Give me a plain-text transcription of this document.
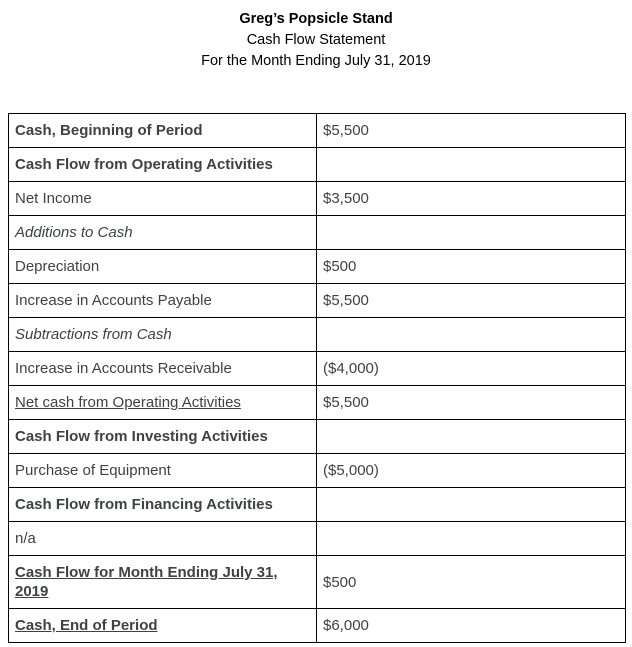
Greg’s Popsicle Stand
Cash Flow Statement
For the Month Ending July 31, 2019
Cash, Beginning of Period	$5,500
Cash Flow from Operating Activities	
Net Income	$3,500
Additions to Cash	
Depreciation	$500
Increase in Accounts Payable	$5,500
Subtractions from Cash	
Increase in Accounts Receivable	($4,000)
Net cash from Operating Activities	$5,500
Cash Flow from Investing Activities	
Purchase of Equipment	($5,000)
Cash Flow from Financing Activities	
n/a	
Cash Flow for Month Ending July 31, 2019	$500
Cash, End of Period	$6,000
